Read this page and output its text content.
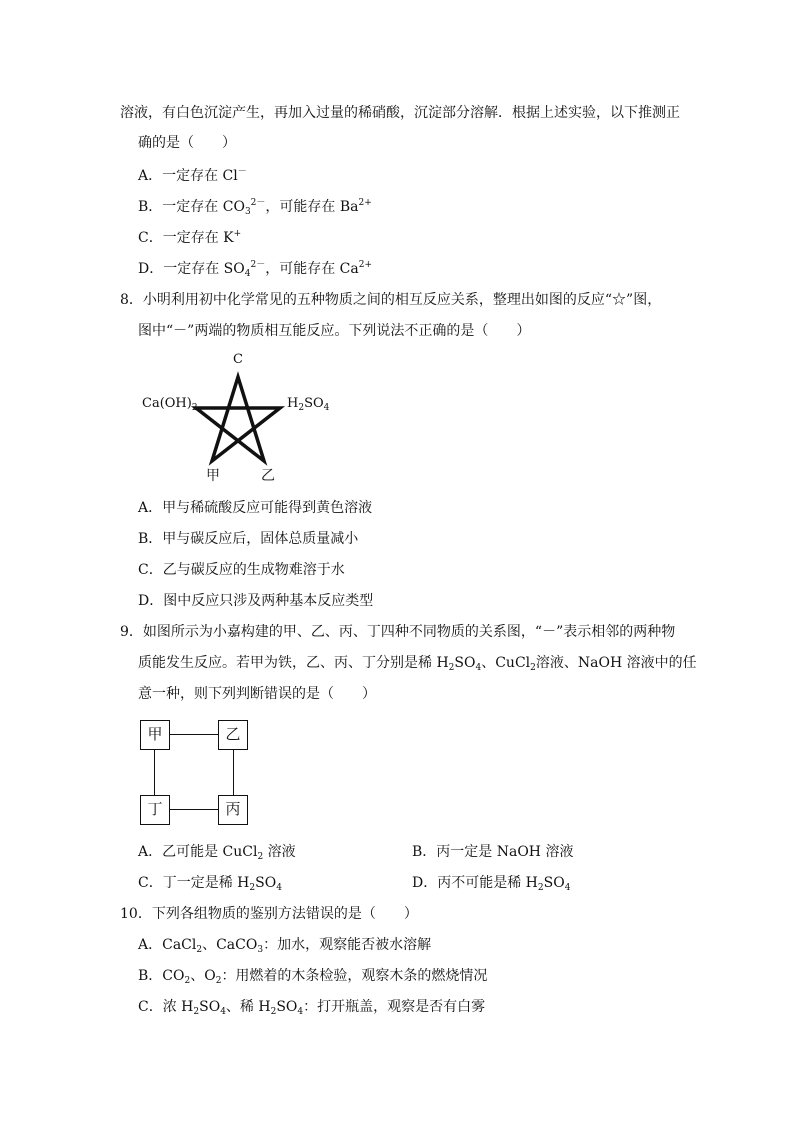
溶液，有白色沉淀产生，再加入过量的稀硝酸，沉淀部分溶解．根据上述实验，以下推测正
确的是（　　）
A．一定存在 Cl－
B．一定存在 $CO_3^{2-}$，可能存在 $Ba^{2+}$
C．一定存在 K+
D．一定存在 $SO_4^{2-}$，可能存在 $Ca^{2+}$
8．小明利用初中化学常见的五种物质之间的相互反应关系，整理出如图的反应“☆”图，
图中“－”两端的物质相互能反应。下列说法不正确的是（　　）
C
$Ca(OH)_2$	$H_2SO_4$
甲	乙
A．甲与稀硫酸反应可能得到黄色溶液
B．甲与碳反应后，固体总质量减小
C．乙与碳反应的生成物难溶于水
D．图中反应只涉及两种基本反应类型
9．如图所示为小嘉构建的甲、乙、丙、丁四种不同物质的关系图，“－”表示相邻的两种物
质能发生反应。若甲为铁，乙、丙、丁分别是稀 $H_2SO_4$、CuCl$_2$溶液、NaOH 溶液中的任
意一种，则下列判断错误的是（　　）
甲	乙
丁	丙
A．乙可能是 CuCl$_2$ 溶液	B．丙一定是 NaOH 溶液
C．丁一定是稀 $H_2SO_4$	D．丙不可能是稀 $H_2SO_4$
10．下列各组物质的鉴别方法错误的是（　　）
A．CaCl$_2$、CaCO$_3$：加水，观察能否被水溶解
B．$CO_2$、$O_2$：用燃着的木条检验，观察木条的燃烧情况
C．浓 $H_2SO_4$、稀 $H_2SO_4$：打开瓶盖，观察是否有白雾
